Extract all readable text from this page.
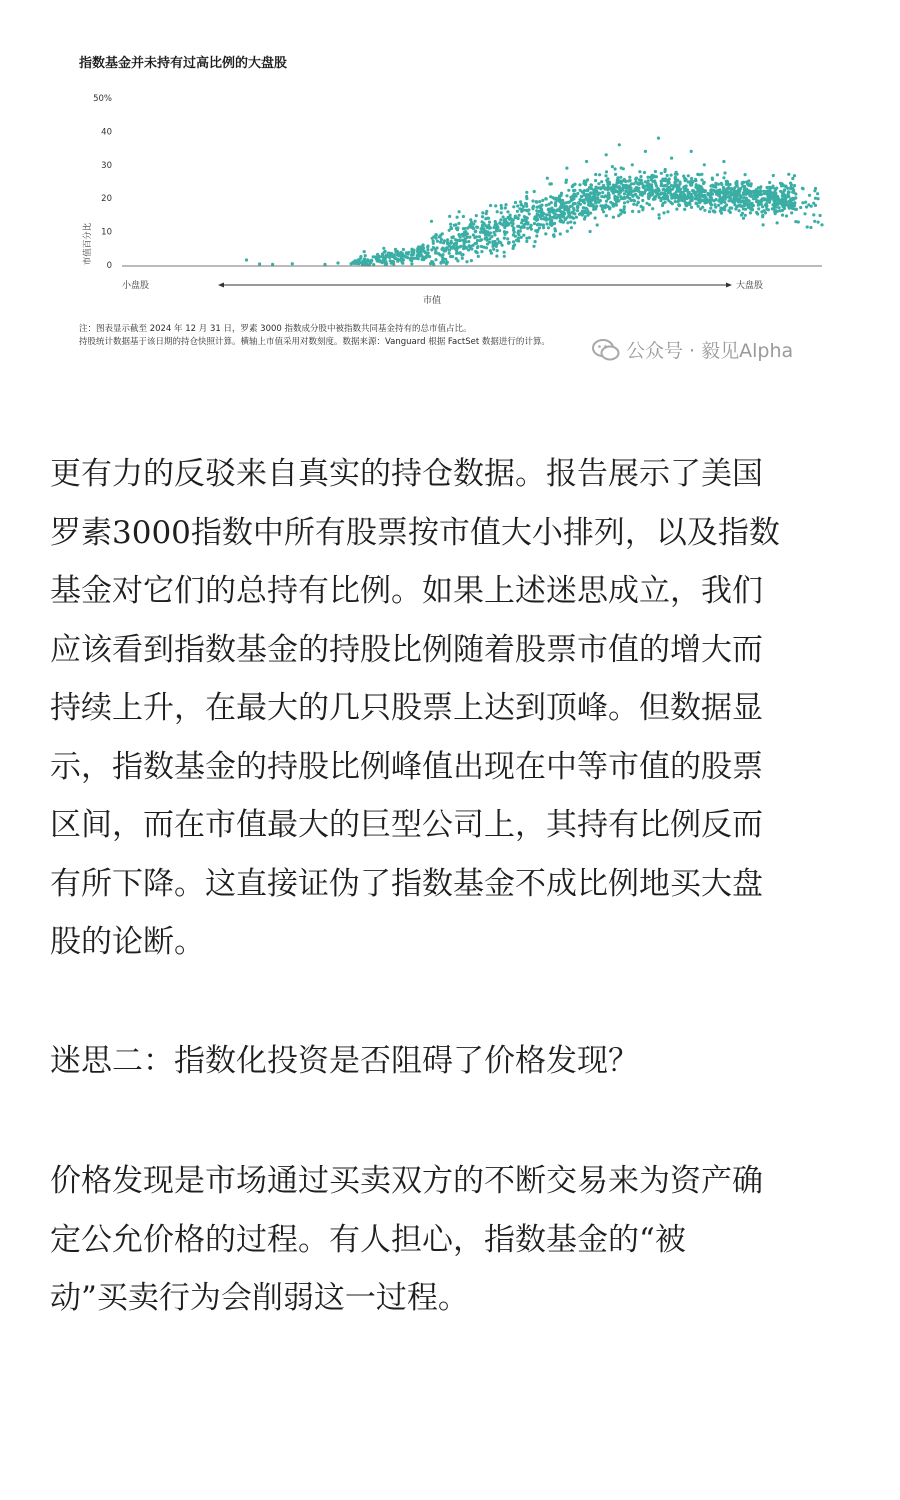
指数基金并未持有过高比例的大盘股
50%
40
30
20
10
0
市值百分比
小盘股	大盘股
市值
注：图表显示截至 2024 年 12 月 31 日，罗素 3000 指数成分股中被指数共同基金持有的总市值占比。
持股统计数据基于该日期的持仓快照计算。横轴上市值采用对数刻度。数据来源：Vanguard 根据 FactSet 数据进行的计算。	公众号 · 毅见Alpha
更有力的反驳来自真实的持仓数据。报告展示了美国
罗素3000指数中所有股票按市值大小排列，以及指数
基金对它们的总持有比例。如果上述迷思成立，我们
应该看到指数基金的持股比例随着股票市值的增大而
持续上升，在最大的几只股票上达到顶峰。但数据显
示，指数基金的持股比例峰值出现在中等市值的股票
区间，而在市值最大的巨型公司上，其持有比例反而
有所下降。这直接证伪了指数基金不成比例地买大盘
股的论断。
迷思二：指数化投资是否阻碍了价格发现？
价格发现是市场通过买卖双方的不断交易来为资产确
定公允价格的过程。有人担心，指数基金的“被
动”买卖行为会削弱这一过程。
